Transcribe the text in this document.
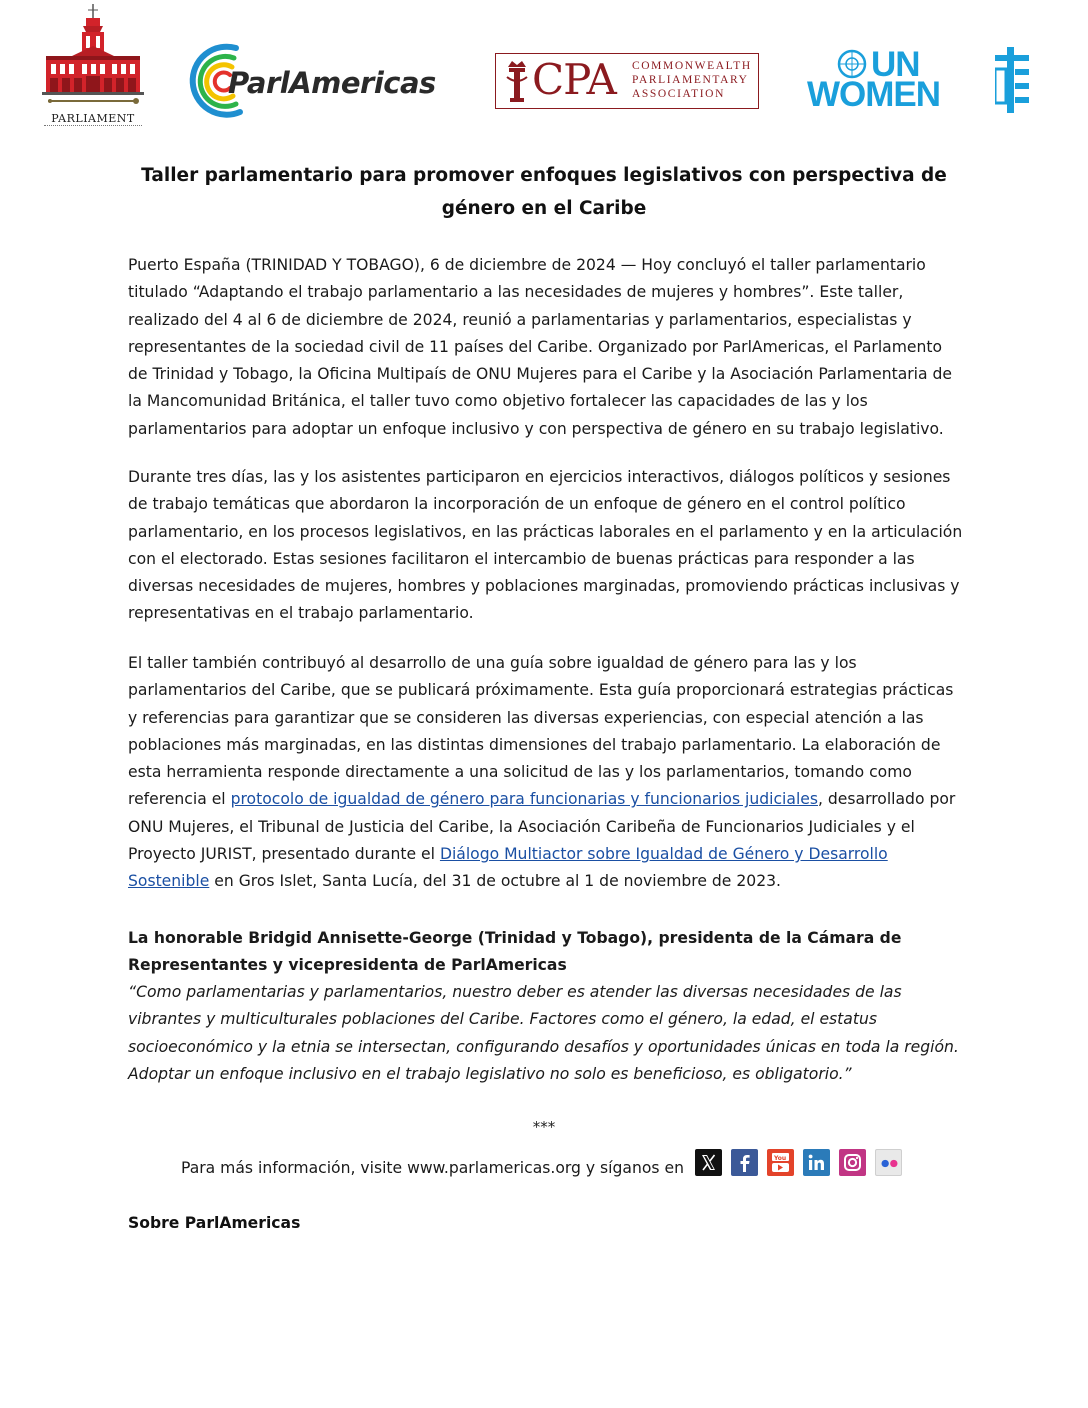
PARLIAMENT
ParlAmericas CPA COMMONWEALTH
PARLIAMENTARY
ASSOCIATION
UN
WOMEN
Taller parlamentario para promover enfoques legislativos con perspectiva de género en el Caribe

Puerto España (TRINIDAD Y TOBAGO), 6 de diciembre de 2024 — Hoy concluyó el taller parlamentario titulado “Adaptando el trabajo parlamentario a las necesidades de mujeres y hombres”. Este taller, realizado del 4 al 6 de diciembre de 2024, reunió a parlamentarias y parlamentarios, especialistas y representantes de la sociedad civil de 11 países del Caribe. Organizado por ParlAmericas, el Parlamento de Trinidad y Tobago, la Oficina Multipaís de ONU Mujeres para el Caribe y la Asociación Parlamentaria de la Mancomunidad Británica, el taller tuvo como objetivo fortalecer las capacidades de las y los parlamentarios para adoptar un enfoque inclusivo y con perspectiva de género en su trabajo legislativo.

Durante tres días, las y los asistentes participaron en ejercicios interactivos, diálogos políticos y sesiones de trabajo temáticas que abordaron la incorporación de un enfoque de género en el control político parlamentario, en los procesos legislativos, en las prácticas laborales en el parlamento y en la articulación con el electorado. Estas sesiones facilitaron el intercambio de buenas prácticas para responder a las diversas necesidades de mujeres, hombres y poblaciones marginadas, promoviendo prácticas inclusivas y representativas en el trabajo parlamentario.

El taller también contribuyó al desarrollo de una guía sobre igualdad de género para las y los parlamentarios del Caribe, que se publicará próximamente. Esta guía proporcionará estrategias prácticas y referencias para garantizar que se consideren las diversas experiencias, con especial atención a las poblaciones más marginadas, en las distintas dimensiones del trabajo parlamentario. La elaboración de esta herramienta responde directamente a una solicitud de las y los parlamentarios, tomando como referencia el protocolo de igualdad de género para funcionarias y funcionarios judiciales, desarrollado por ONU Mujeres, el Tribunal de Justicia del Caribe, la Asociación Caribeña de Funcionarios Judiciales y el Proyecto JURIST, presentado durante el Diálogo Multiactor sobre Igualdad de Género y Desarrollo Sostenible en Gros Islet, Santa Lucía, del 31 de octubre al 1 de noviembre de 2023.

La honorable Bridgid Annisette-George (Trinidad y Tobago), presidenta de la Cámara de Representantes y vicepresidenta de ParlAmericas

“Como parlamentarias y parlamentarios, nuestro deber es atender las diversas necesidades de las vibrantes y multiculturales poblaciones del Caribe. Factores como el género, la edad, el estatus socioeconómico y la etnia se intersectan, configurando desafíos y oportunidades únicas en toda la región. Adoptar un enfoque inclusivo en el trabajo legislativo no solo es beneficioso, es obligatorio.”

***
Para más información, visite www.parlamericas.org y síganos en
You
Sobre ParlAmericas
